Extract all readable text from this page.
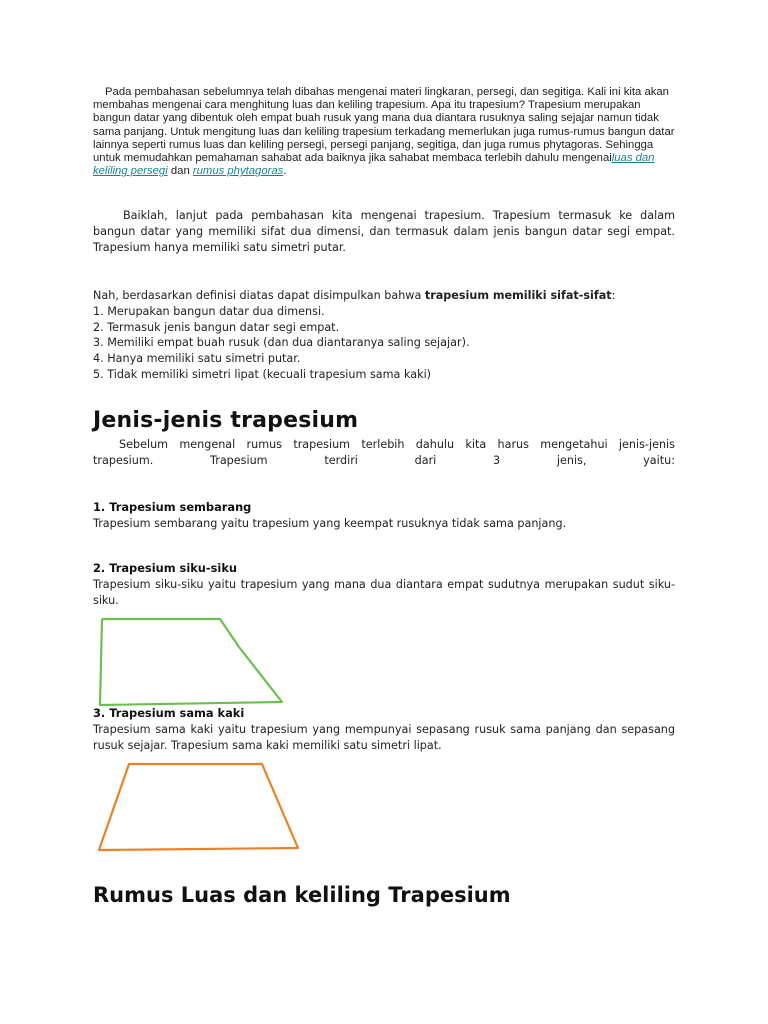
Pada pembahasan sebelumnya telah dibahas mengenai materi lingkaran, persegi, dan segitiga. Kali ini kita akan membahas mengenai cara menghitung luas dan keliling trapesium. Apa itu trapesium? Trapesium merupakan bangun datar yang dibentuk oleh empat buah rusuk yang mana dua diantara rusuknya saling sejajar namun tidak sama panjang. Untuk mengitung luas dan keliling trapesium terkadang memerlukan juga rumus-rumus bangun datar lainnya seperti rumus luas dan keliling persegi, persegi panjang, segitiga, dan juga rumus phytagoras. Sehingga untuk memudahkan pemahaman sahabat ada baiknya jika sahabat membaca terlebih dahulu mengenailuas dan keliling persegi dan rumus phytagoras.
Baiklah, lanjut pada pembahasan kita mengenai trapesium. Trapesium termasuk ke dalam bangun datar yang memiliki sifat dua dimensi, dan termasuk dalam jenis bangun datar segi empat. Trapesium hanya memiliki satu simetri putar.
Nah, berdasarkan definisi diatas dapat disimpulkan bahwa trapesium memiliki sifat-sifat:
1. Merupakan bangun datar dua dimensi.
2. Termasuk jenis bangun datar segi empat.
3. Memiliki empat buah rusuk (dan dua diantaranya saling sejajar).
4. Hanya memiliki satu simetri putar.
5. Tidak memiliki simetri lipat (kecuali trapesium sama kaki)
Jenis-jenis trapesium
Sebelum mengenal rumus trapesium terlebih dahulu kita harus mengetahui jenis-jenis
trapesium.	Trapesium	terdiri	dari	3	jenis,	yaitu:
1. Trapesium sembarang
Trapesium sembarang yaitu trapesium yang keempat rusuknya tidak sama panjang.
2. Trapesium siku-siku
Trapesium siku-siku yaitu trapesium yang mana dua diantara empat sudutnya merupakan sudut siku-siku.
3. Trapesium sama kaki
Trapesium sama kaki yaitu trapesium yang mempunyai sepasang rusuk sama panjang dan sepasang rusuk sejajar. Trapesium sama kaki memiliki satu simetri lipat.
Rumus Luas dan keliling Trapesium
